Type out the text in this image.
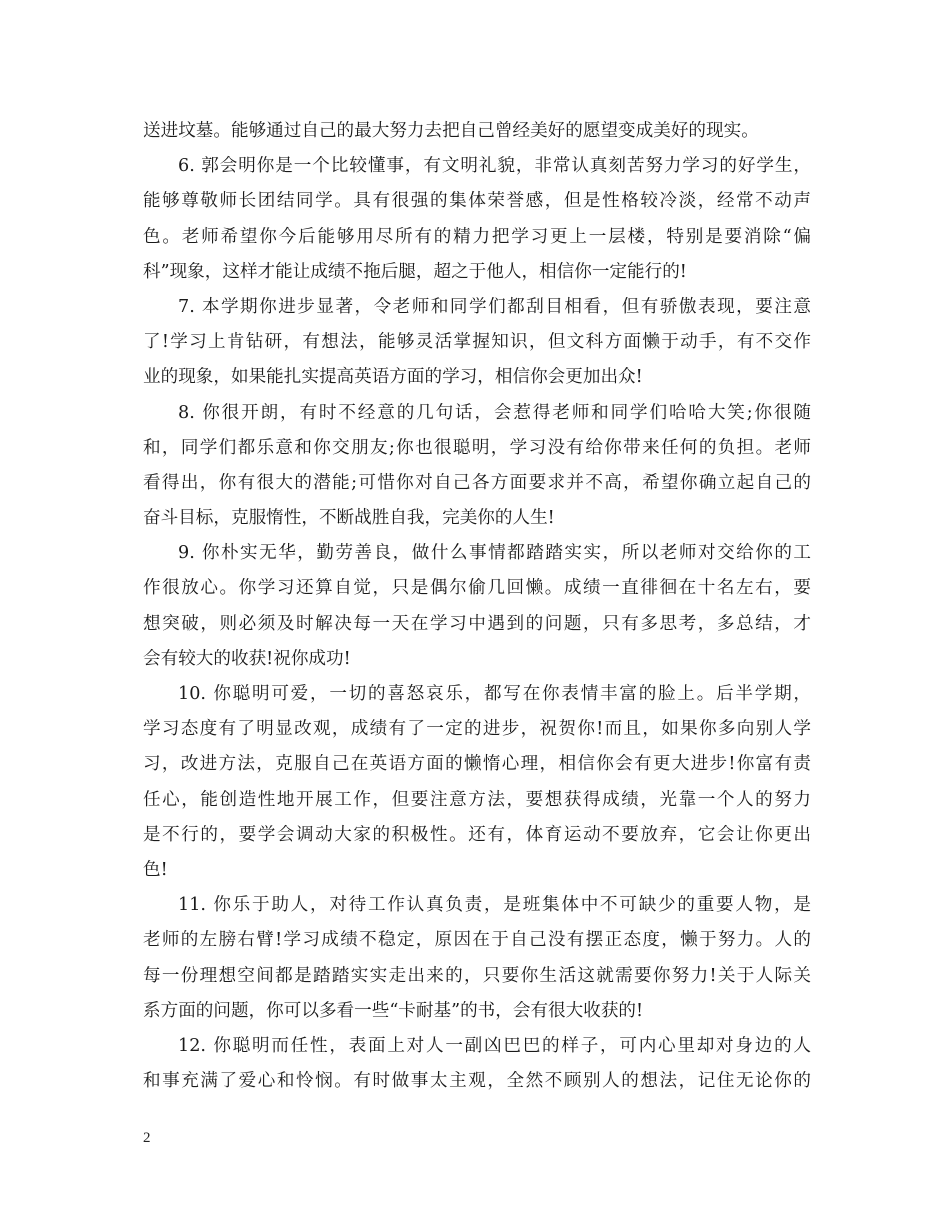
送进坟墓。能够通过自己的最大努力去把自己曾经美好的愿望变成美好的现实。
6. 郭会明你是一个比较懂事，有文明礼貌，非常认真刻苦努力学习的好学生，
能够尊敬师长团结同学。具有很强的集体荣誉感，但是性格较冷淡，经常不动声
色。老师希望你今后能够用尽所有的精力把学习更上一层楼，特别是要消除“偏
科”现象，这样才能让成绩不拖后腿，超之于他人，相信你一定能行的!
7. 本学期你进步显著，令老师和同学们都刮目相看，但有骄傲表现，要注意
了!学习上肯钻研，有想法，能够灵活掌握知识，但文科方面懒于动手，有不交作
业的现象，如果能扎实提高英语方面的学习，相信你会更加出众!
8. 你很开朗，有时不经意的几句话，会惹得老师和同学们哈哈大笑;你很随
和，同学们都乐意和你交朋友;你也很聪明，学习没有给你带来任何的负担。老师
看得出，你有很大的潜能;可惜你对自己各方面要求并不高，希望你确立起自己的
奋斗目标，克服惰性，不断战胜自我，完美你的人生!
9. 你朴实无华，勤劳善良，做什么事情都踏踏实实，所以老师对交给你的工
作很放心。你学习还算自觉，只是偶尔偷几回懒。成绩一直徘徊在十名左右，要
想突破，则必须及时解决每一天在学习中遇到的问题，只有多思考，多总结，才
会有较大的收获!祝你成功!
10. 你聪明可爱，一切的喜怒哀乐，都写在你表情丰富的脸上。后半学期，
学习态度有了明显改观，成绩有了一定的进步，祝贺你!而且，如果你多向别人学
习，改进方法，克服自己在英语方面的懒惰心理，相信你会有更大进步!你富有责
任心，能创造性地开展工作，但要注意方法，要想获得成绩，光靠一个人的努力
是不行的，要学会调动大家的积极性。还有，体育运动不要放弃，它会让你更出
色!
11. 你乐于助人，对待工作认真负责，是班集体中不可缺少的重要人物，是
老师的左膀右臂!学习成绩不稳定，原因在于自己没有摆正态度，懒于努力。人的
每一份理想空间都是踏踏实实走出来的，只要你生活这就需要你努力!关于人际关
系方面的问题，你可以多看一些“卡耐基”的书，会有很大收获的!
12. 你聪明而任性，表面上对人一副凶巴巴的样子，可内心里却对身边的人
和事充满了爱心和怜悯。有时做事太主观，全然不顾别人的想法，记住无论你的
2
